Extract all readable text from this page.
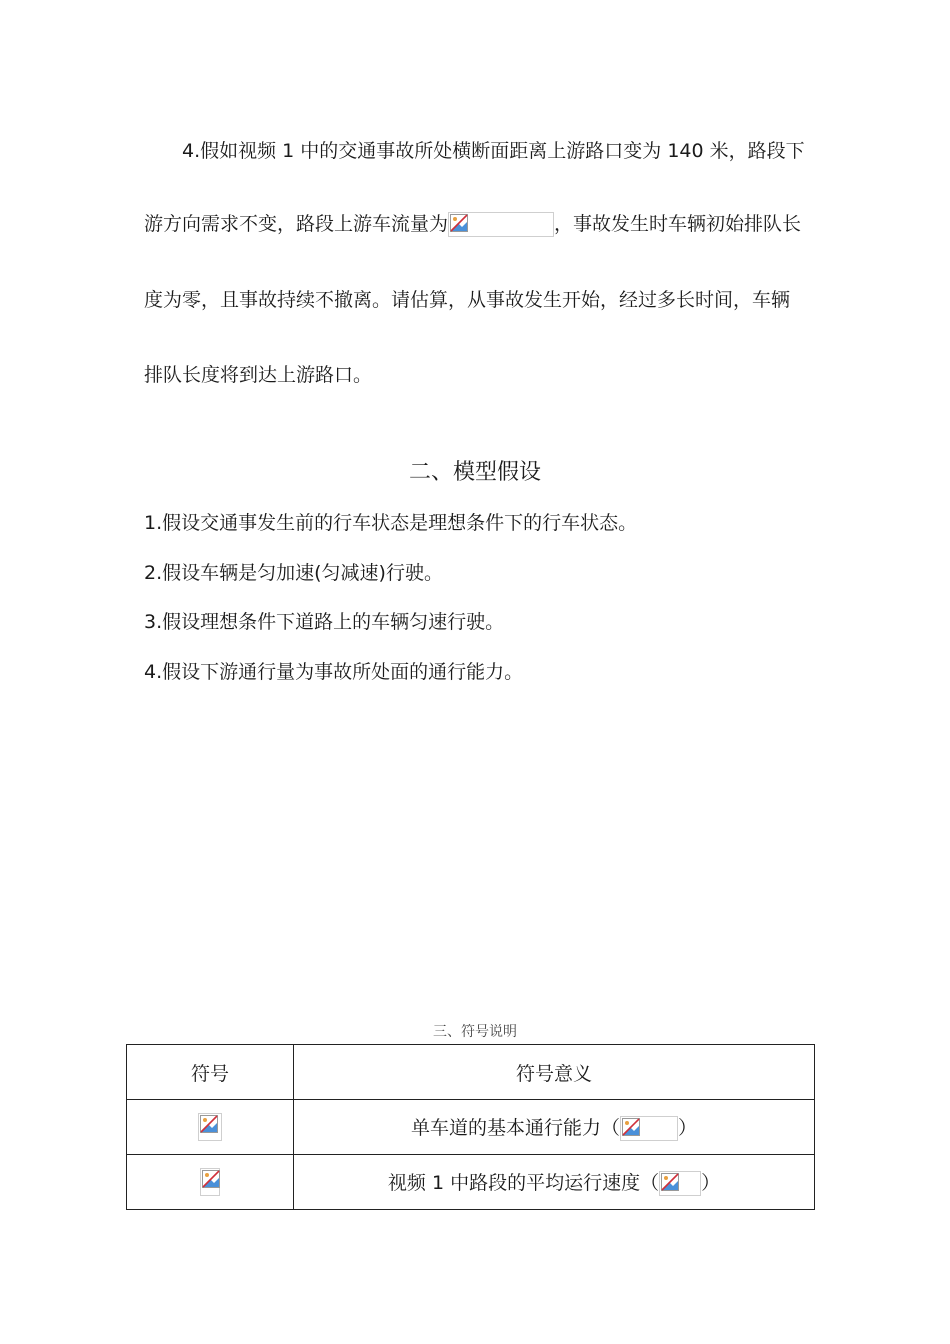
4.假如视频 1 中的交通事故所处横断面距离上游路口变为 140 米，路段下
游方向需求不变，路段上游车流量为	，事故发生时车辆初始排队长
度为零，且事故持续不撤离。请估算，从事故发生开始，经过多长时间，车辆
排队长度将到达上游路口。
二、模型假设
1.假设交通事发生前的行车状态是理想条件下的行车状态。
2.假设车辆是匀加速(匀减速)行驶。
3.假设理想条件下道路上的车辆匀速行驶。
4.假设下游通行量为事故所处面的通行能力。
三、符号说明
符号	符号意义

	单车道的基本通行能力（ ）

	视频 1 中路段的平均运行速度（ ）
